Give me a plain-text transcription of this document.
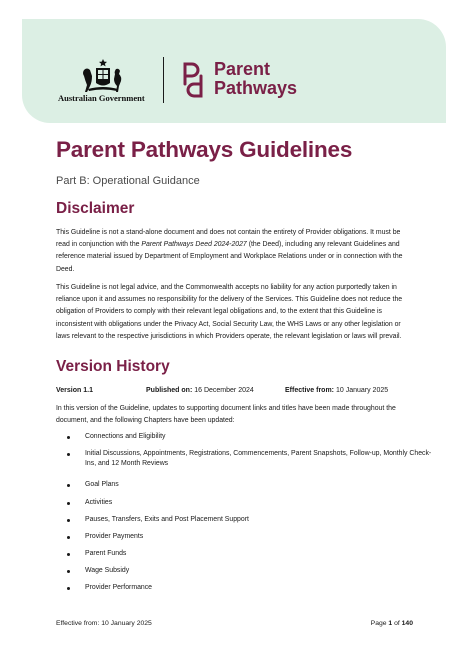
Australian Government
Parent
Pathways
Parent Pathways Guidelines
Part B: Operational Guidance
Disclaimer
This Guideline is not a stand-alone document and does not contain the entirety of Provider obligations. It must be read in conjunction with the Parent Pathways Deed 2024-2027 (the Deed), including any relevant Guidelines and reference material issued by Department of Employment and Workplace Relations under or in connection with the Deed.
This Guideline is not legal advice, and the Commonwealth accepts no liability for any action purportedly taken in reliance upon it and assumes no responsibility for the delivery of the Services. This Guideline does not reduce the obligation of Providers to comply with their relevant legal obligations and, to the extent that this Guideline is inconsistent with obligations under the Privacy Act, Social Security Law, the WHS Laws or any other legislation or laws relevant to the respective jurisdictions in which Providers operate, the relevant legislation or laws will prevail.
Version History
Version 1.1	Published on: 16 December 2024	Effective from: 10 January 2025
In this version of the Guideline, updates to supporting document links and titles have been made throughout the document, and the following Chapters have been updated:
Connections and Eligibility
Initial Discussions, Appointments, Registrations, Commencements, Parent Snapshots, Follow-up, Monthly Check-Ins, and 12 Month Reviews
Goal Plans
Activities
Pauses, Transfers, Exits and Post Placement Support
Provider Payments
Parent Funds
Wage Subsidy
Provider Performance
Effective from: 10 January 2025	Page 1 of 140
